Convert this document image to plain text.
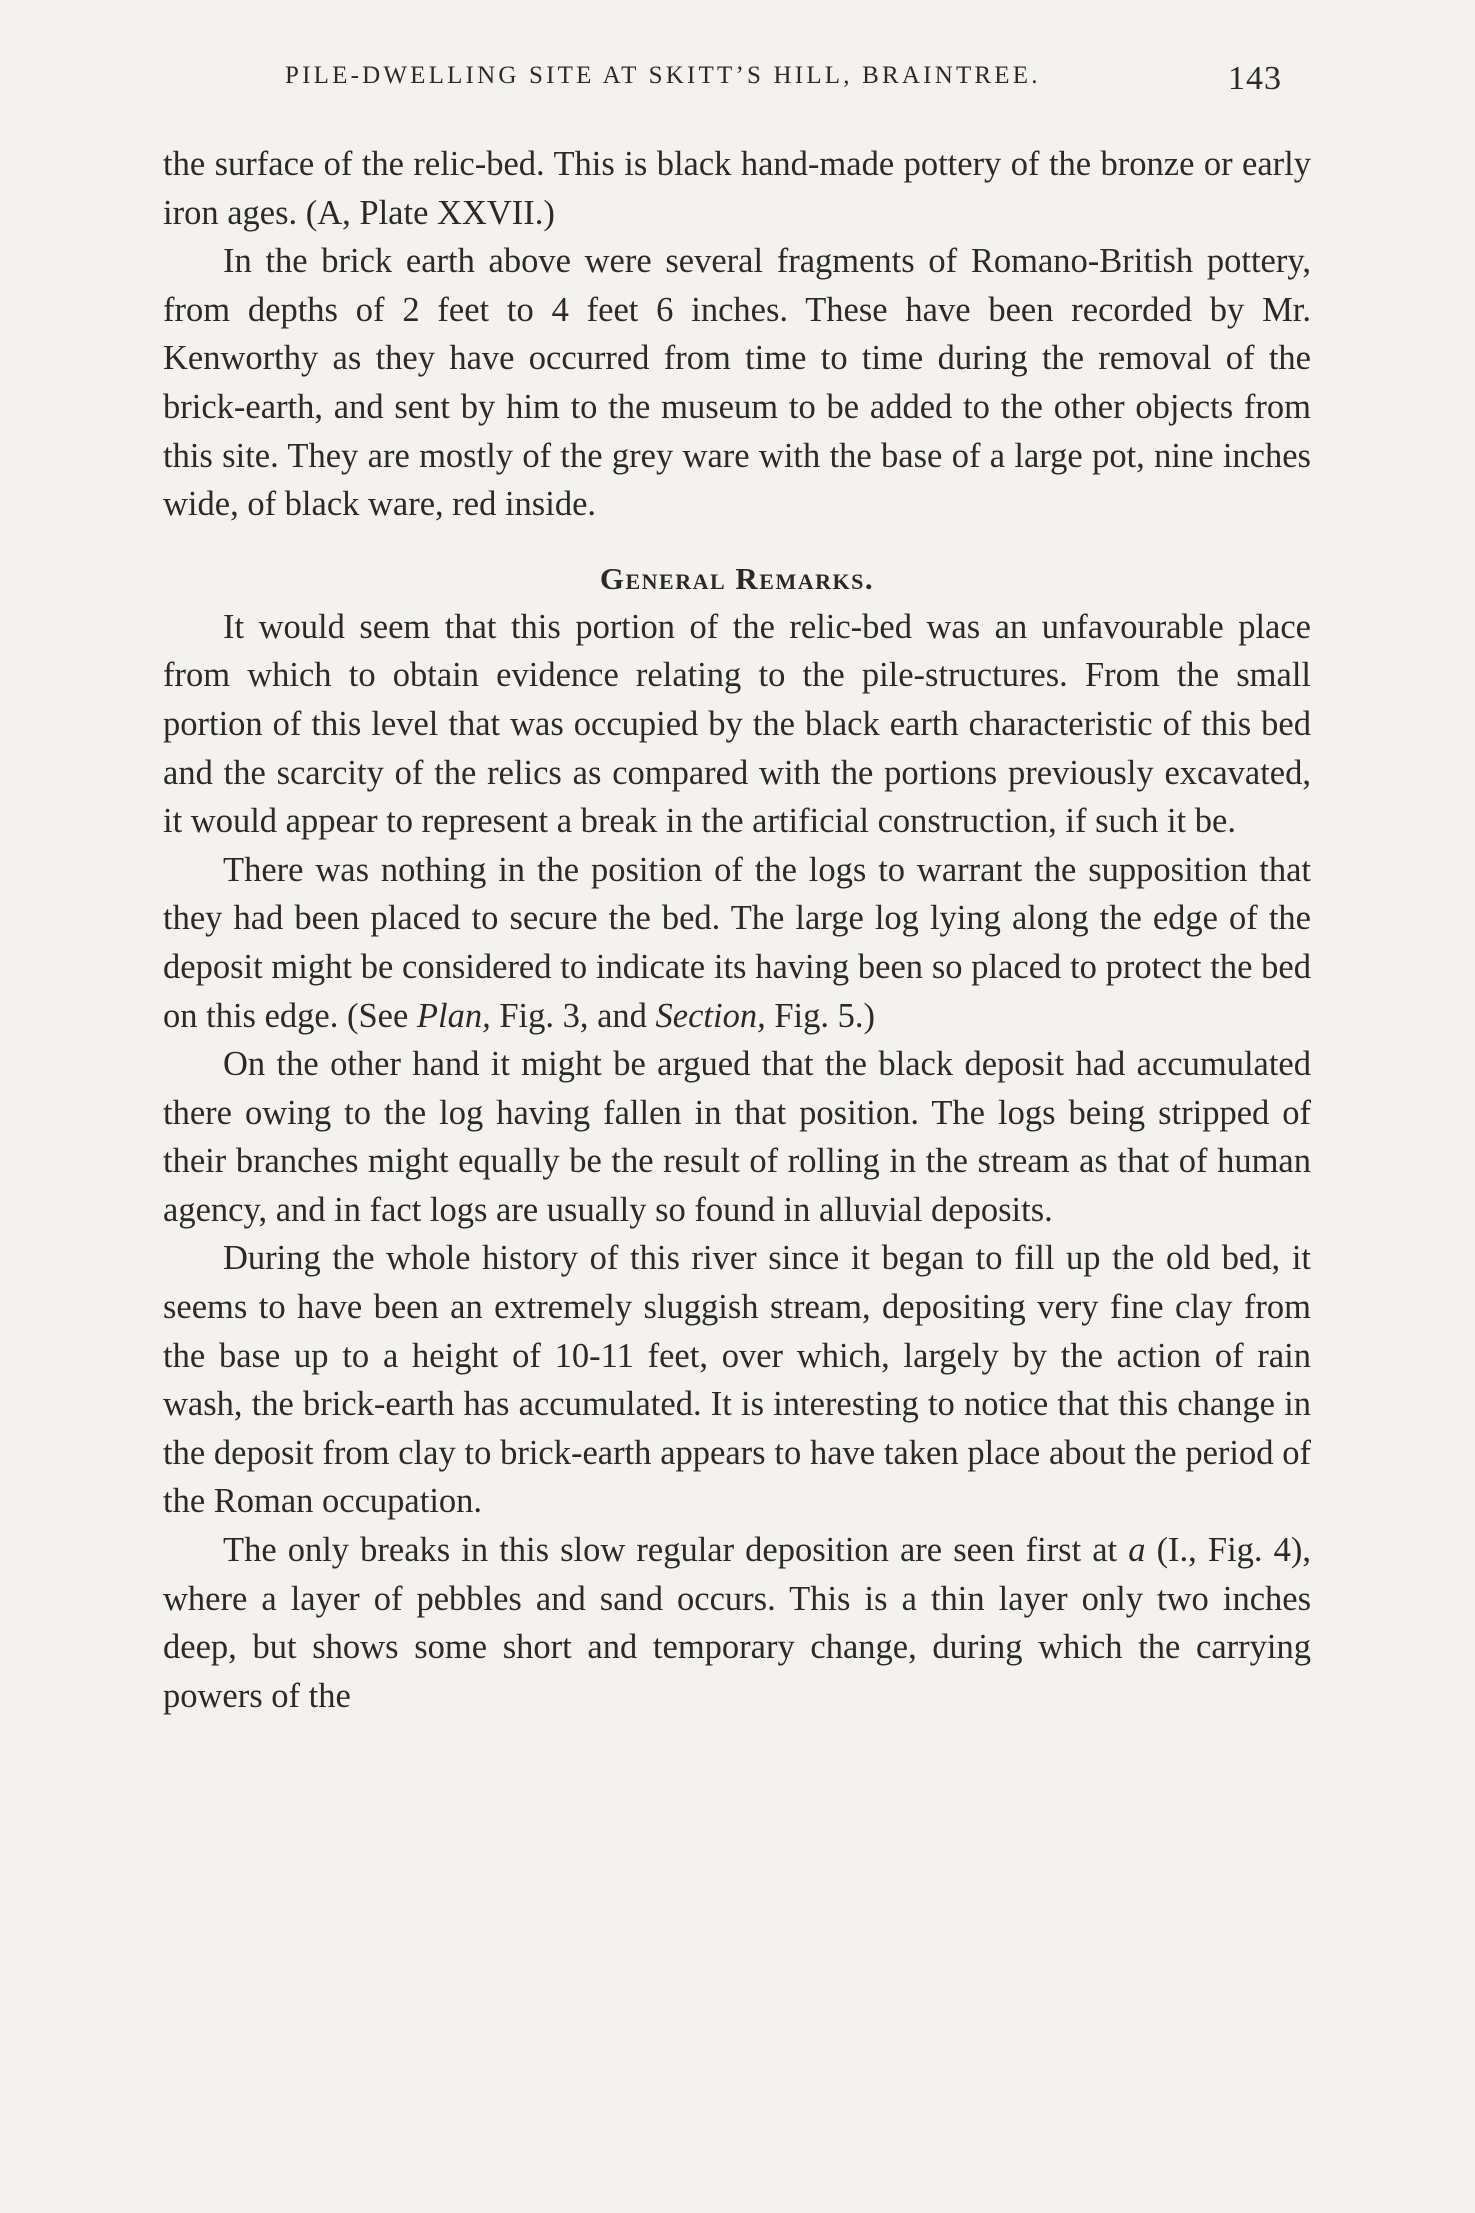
PILE-DWELLING SITE AT SKITT’S HILL, BRAINTREE.	143

the surface of the relic-bed. This is black hand-made pottery of the bronze or early iron ages. (A, Plate XXVII.)

In the brick earth above were several fragments of Romano-British pottery, from depths of 2 feet to 4 feet 6 inches. These have been recorded by Mr. Kenworthy as they have occurred from time to time during the removal of the brick-earth, and sent by him to the museum to be added to the other objects from this site. They are mostly of the grey ware with the base of a large pot, nine inches wide, of black ware, red inside.

General Remarks.

It would seem that this portion of the relic-bed was an unfavourable place from which to obtain evidence relating to the pile-structures. From the small portion of this level that was occupied by the black earth characteristic of this bed and the scarcity of the relics as compared with the portions previously excavated, it would appear to represent a break in the artificial construction, if such it be.

There was nothing in the position of the logs to warrant the supposition that they had been placed to secure the bed. The large log lying along the edge of the deposit might be considered to indicate its having been so placed to protect the bed on this edge. (See Plan, Fig. 3, and Section, Fig. 5.)

On the other hand it might be argued that the black deposit had accumulated there owing to the log having fallen in that position. The logs being stripped of their branches might equally be the result of rolling in the stream as that of human agency, and in fact logs are usually so found in alluvial deposits.

During the whole history of this river since it began to fill up the old bed, it seems to have been an extremely sluggish stream, depositing very fine clay from the base up to a height of 10-11 feet, over which, largely by the action of rain wash, the brick-earth has accumulated. It is interesting to notice that this change in the deposit from clay to brick-earth appears to have taken place about the period of the Roman occupation.

The only breaks in this slow regular deposition are seen first at a (I., Fig. 4), where a layer of pebbles and sand occurs. This is a thin layer only two inches deep, but shows some short and temporary change, during which the carrying powers of the
